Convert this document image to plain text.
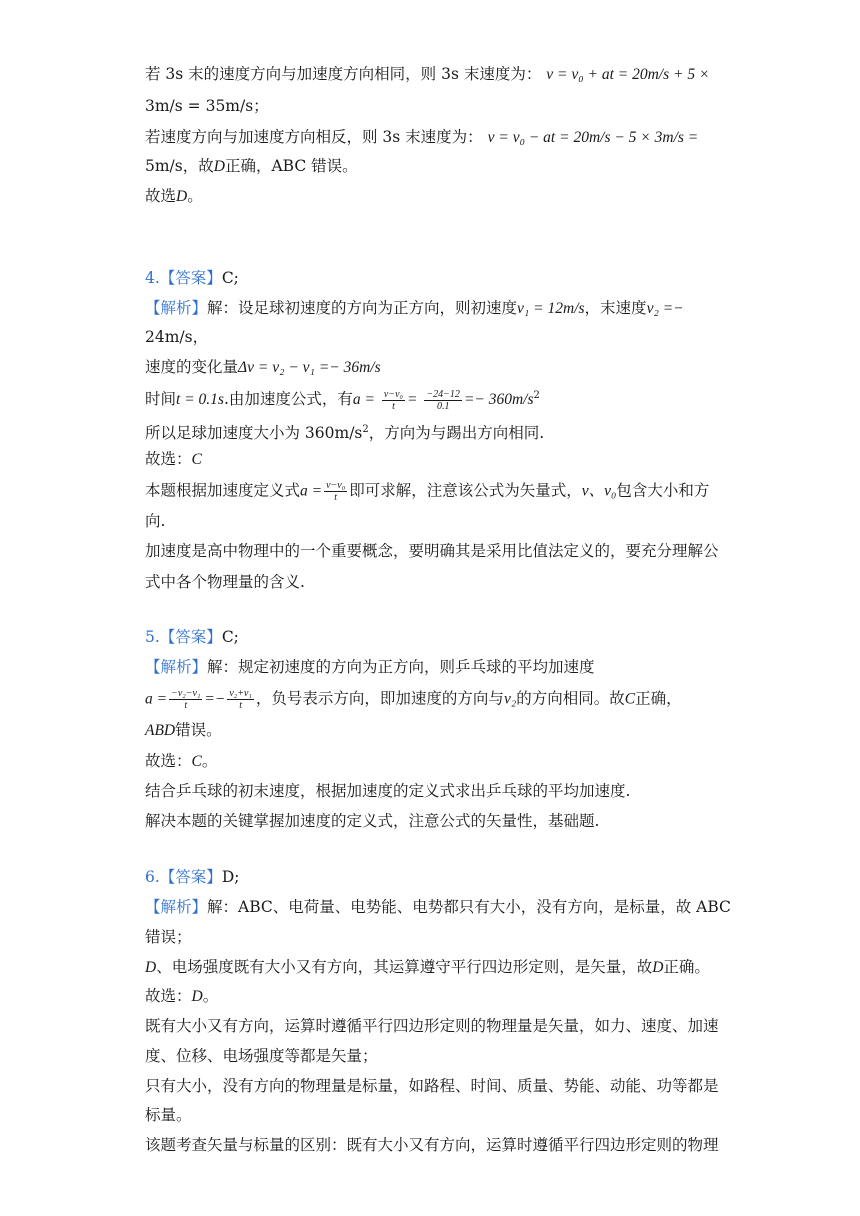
若 3s 末的速度方向与加速度方向相同，则 3s 末速度为： v = v₀ + at = 20m/s + 5 ×
3m/s = 35m/s；
若速度方向与加速度方向相反，则 3s 末速度为： v = v₀ − at = 20m/s − 5 × 3m/s =
5m/s，故D正确，ABC 错误。
故选D。
4.【答案】C;
【解析】解：设足球初速度的方向为正方向，则初速度v₁ = 12m/s，末速度v₂ =−
24m/s，
速度的变化量Δv = v₂ − v₁ =− 36m/s
时间t = 0.1s.由加速度公式，有$a = \frac{\text{v−v₀}}{t} = \frac{-24-12}{0.1} =- 360m/s^2$
所以足球加速度大小为 $360m/s^2$，方向为与踢出方向相同.
故选：C
本题根据加速度定义式$a = \frac{\text{v−v₀}}{t}$ 即可求解，注意该公式为矢量式，v、v₀包含大小和方
向.
加速度是高中物理中的一个重要概念，要明确其是采用比值法定义的，要充分理解公
式中各个物理量的含义.
5.【答案】C;
【解析】解：规定初速度的方向为正方向，则乒乓球的平均加速度
$a = \frac{\text{−v₂−v₁}}{t} =- \frac{\text{v₂+v₁}}{t}$ ，负号表示方向，即加速度的方向与v₂的方向相同。故C正确，
ABD错误。
故选：C。
结合乒乓球的初末速度，根据加速度的定义式求出乒乓球的平均加速度.
解决本题的关键掌握加速度的定义式，注意公式的矢量性，基础题.
6.【答案】D;
【解析】解：ABC、电荷量、电势能、电势都只有大小，没有方向，是标量，故 ABC
错误；
D、电场强度既有大小又有方向，其运算遵守平行四边形定则，是矢量，故D正确。
故选：D。
既有大小又有方向，运算时遵循平行四边形定则的物理量是矢量，如力、速度、加速
度、位移、电场强度等都是矢量；
只有大小，没有方向的物理量是标量，如路程、时间、质量、势能、动能、功等都是
标量。
该题考查矢量与标量的区别：既有大小又有方向，运算时遵循平行四边形定则的物理
